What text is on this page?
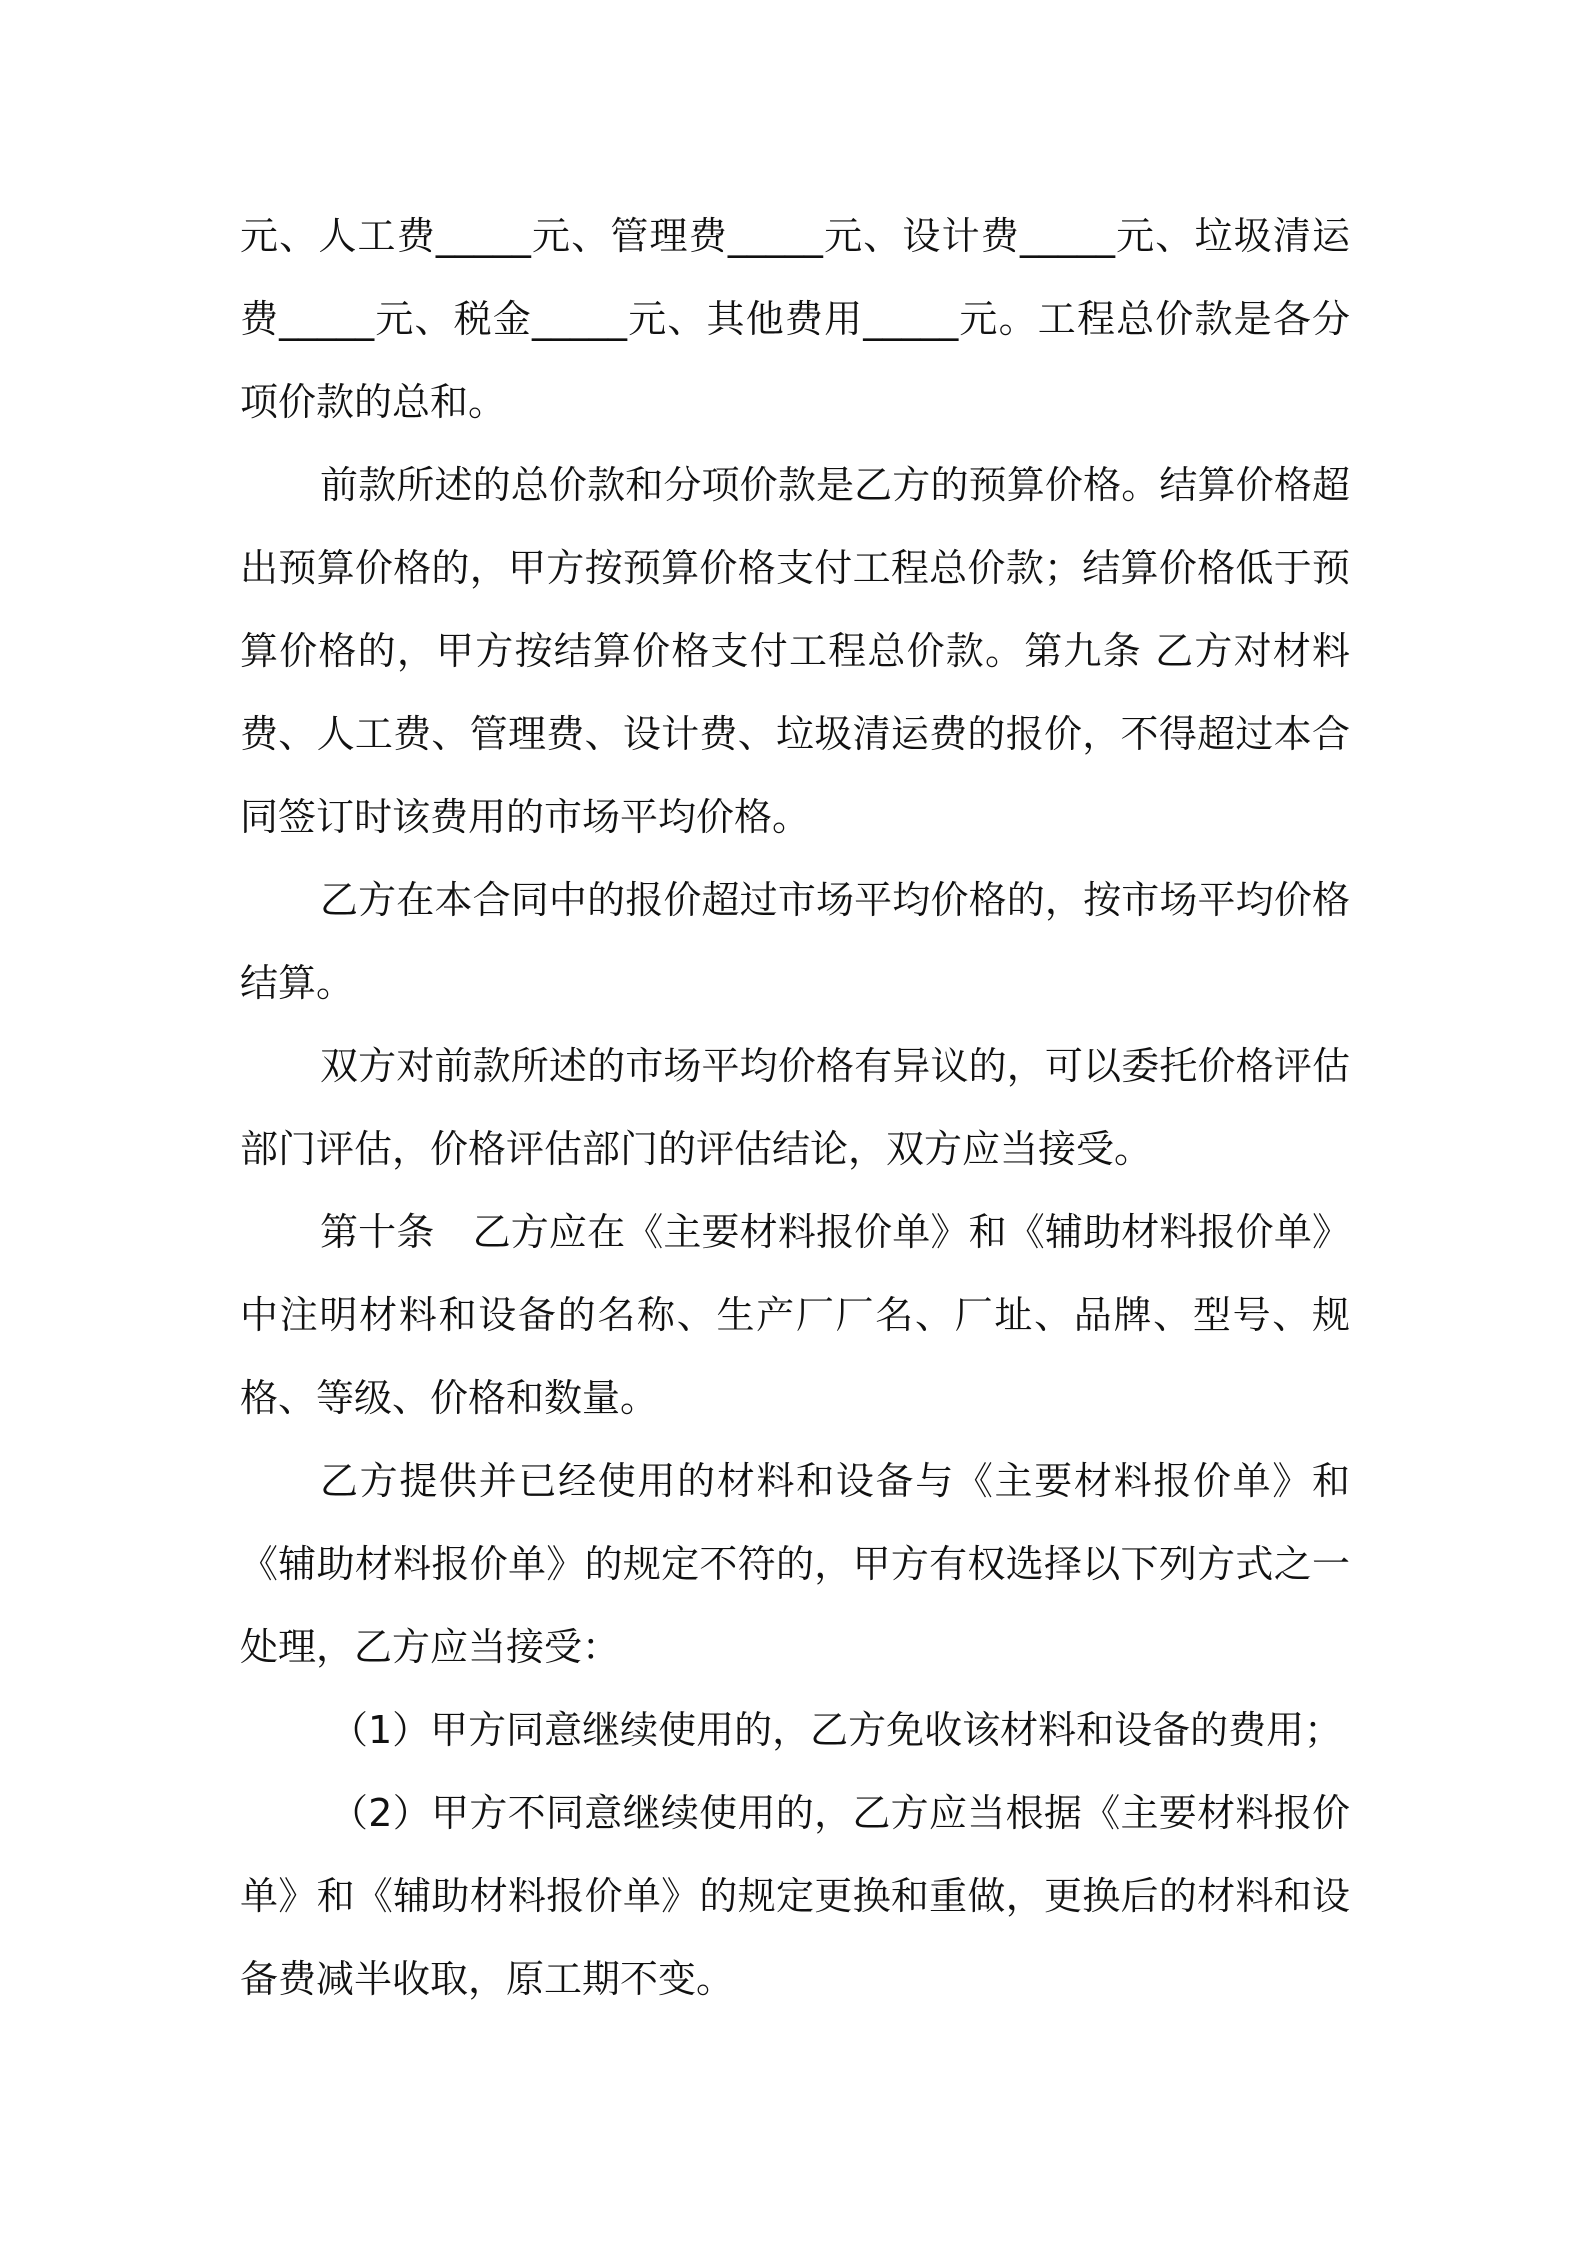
元、人工费_____元、管理费_____元、设计费_____元、垃圾清运费_____元、税金_____元、其他费用_____元。工程总价款是各分项价款的总和。

前款所述的总价款和分项价款是乙方的预算价格。结算价格超出预算价格的，甲方按预算价格支付工程总价款；结算价格低于预算价格的，甲方按结算价格支付工程总价款。第九条 乙方对材料费、人工费、管理费、设计费、垃圾清运费的报价，不得超过本合同签订时该费用的市场平均价格。

乙方在本合同中的报价超过市场平均价格的，按市场平均价格结算。

双方对前款所述的市场平均价格有异议的，可以委托价格评估部门评估，价格评估部门的评估结论，双方应当接受。

第十条　乙方应在《主要材料报价单》和《辅助材料报价单》中注明材料和设备的名称、生产厂厂名、厂址、品牌、型号、规格、等级、价格和数量。

乙方提供并已经使用的材料和设备与《主要材料报价单》和《辅助材料报价单》的规定不符的，甲方有权选择以下列方式之一处理，乙方应当接受：

（1）甲方同意继续使用的，乙方免收该材料和设备的费用；

（2）甲方不同意继续使用的，乙方应当根据《主要材料报价单》和《辅助材料报价单》的规定更换和重做，更换后的材料和设备费减半收取，原工期不变。
